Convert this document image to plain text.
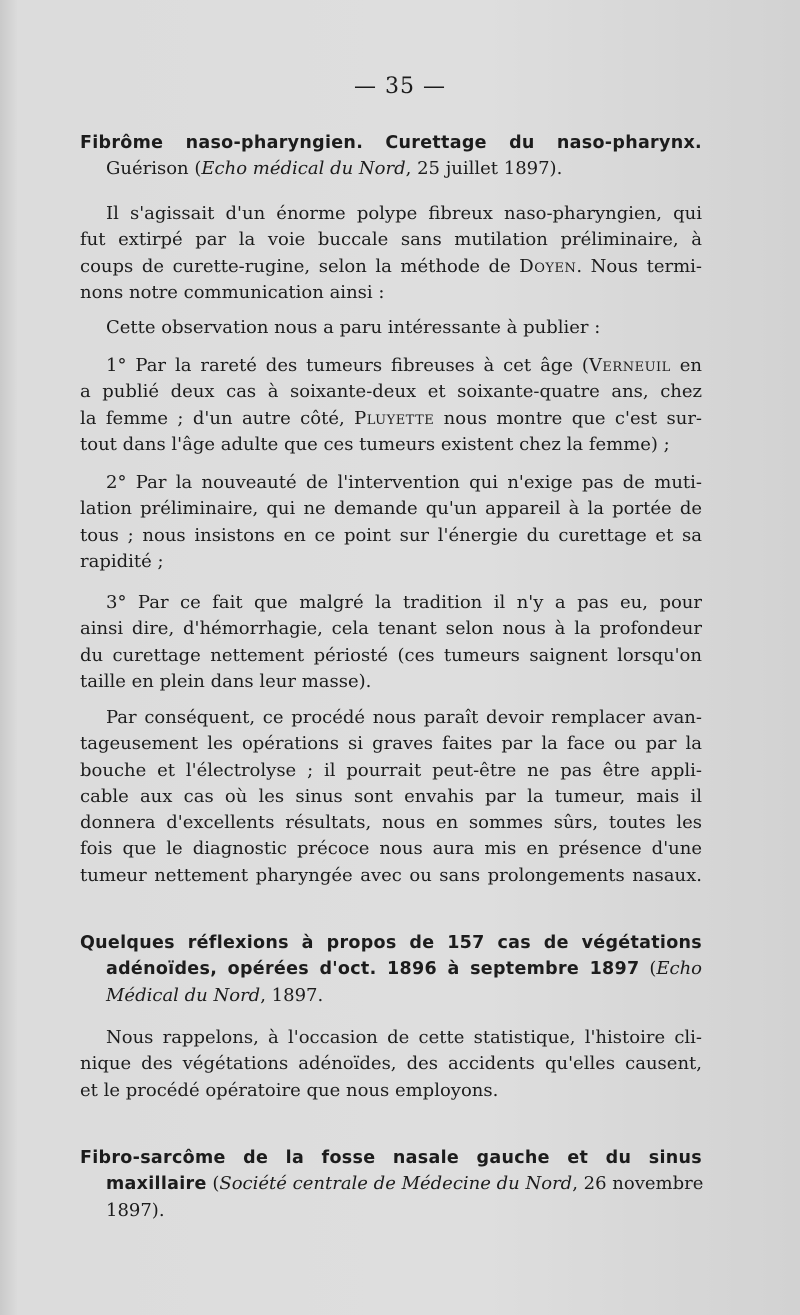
— 35 —
Fibrôme naso-pharyngien. Curettage du naso-pharynx.
Guérison (Echo médical du Nord, 25 juillet 1897).
Il s'agissait d'un énorme polype fibreux naso-pharyngien, qui
fut extirpé par la voie buccale sans mutilation préliminaire, à
coups de curette-rugine, selon la méthode de Doyen. Nous termi-
nons notre communication ainsi :
Cette observation nous a paru intéressante à publier :
1° Par la rareté des tumeurs fibreuses à cet âge (Verneuil en
a publié deux cas à soixante-deux et soixante-quatre ans, chez
la femme ; d'un autre côté, Pluyette nous montre que c'est sur-
tout dans l'âge adulte que ces tumeurs existent chez la femme) ;
2° Par la nouveauté de l'intervention qui n'exige pas de muti-
lation préliminaire, qui ne demande qu'un appareil à la portée de
tous ; nous insistons en ce point sur l'énergie du curettage et sa
rapidité ;
3° Par ce fait que malgré la tradition il n'y a pas eu, pour
ainsi dire, d'hémorrhagie, cela tenant selon nous à la profondeur
du curettage nettement périosté (ces tumeurs saignent lorsqu'on
taille en plein dans leur masse).
Par conséquent, ce procédé nous paraît devoir remplacer avan-
tageusement les opérations si graves faites par la face ou par la
bouche et l'électrolyse ; il pourrait peut-être ne pas être appli-
cable aux cas où les sinus sont envahis par la tumeur, mais il
donnera d'excellents résultats, nous en sommes sûrs, toutes les
fois que le diagnostic précoce nous aura mis en présence d'une
tumeur nettement pharyngée avec ou sans prolongements nasaux.
Quelques réflexions à propos de 157 cas de végétations
adénoïdes, opérées d'oct. 1896 à septembre 1897 (Echo
Médical du Nord, 1897.
Nous rappelons, à l'occasion de cette statistique, l'histoire cli-
nique des végétations adénoïdes, des accidents qu'elles causent,
et le procédé opératoire que nous employons.
Fibro-sarcôme de la fosse nasale gauche et du sinus
maxillaire (Société centrale de Médecine du Nord, 26 novembre
1897).
